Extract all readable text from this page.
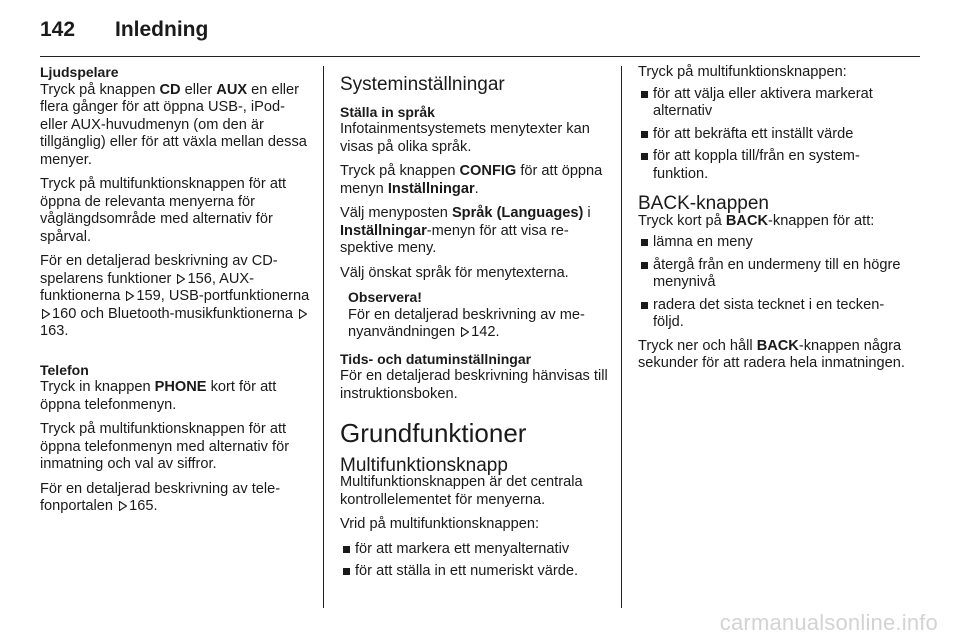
142	Inledning

Ljudspelare

Tryck på knappen CD eller AUX en eller flera gånger för att öppna USB-, iPod- eller AUX-huvudmenyn (om den är tillgänglig) eller för att växla mellan dessa menyer.

Tryck på multifunktionsknappen för att öppna de relevanta menyerna för våglängdsområde med alternativ för spårval.

För en detaljerad beskrivning av CD-spelarens funktioner 156, AUX-funktionerna 159, USB-portfunktionerna 160 och Bluetooth-musikfunktionerna 163.

Telefon

Tryck in knappen PHONE kort för att öppna telefonmenyn.

Tryck på multifunktionsknappen för att öppna telefonmenyn med alternativ för inmatning och val av siffror.

För en detaljerad beskrivning av telefonportalen 165.

Systeminställningar

Ställa in språk

Infotainmentsystemets menytexter kan visas på olika språk.

Tryck på knappen CONFIG för att öppna menyn Inställningar.

Välj menyposten Språk (Languages) i Inställningar-menyn för att visa respektive meny.

Välj önskat språk för menytexterna.

Observera!
För en detaljerad beskrivning av menyanvändningen 142.

Tids- och datuminställningar

För en detaljerad beskrivning hänvisas till instruktionsboken.

Grundfunktioner

Multifunktionsknapp

Multifunktionsknappen är det centrala kontrollelementet för menyerna.

Vrid på multifunktionsknappen:

för att markera ett menyalternativ
för att ställa in ett numeriskt värde.

Tryck på multifunktionsknappen:

för att välja eller aktivera markerat alternativ
för att bekräfta ett inställt värde
för att koppla till/från en systemfunktion.

BACK-knappen

Tryck kort på BACK-knappen för att:

lämna en meny
återgå från en undermeny till en högre menynivå
radera det sista tecknet i en teckenföljd.

Tryck ner och håll BACK-knappen några sekunder för att radera hela inmatningen.

carmanualsonline.info
